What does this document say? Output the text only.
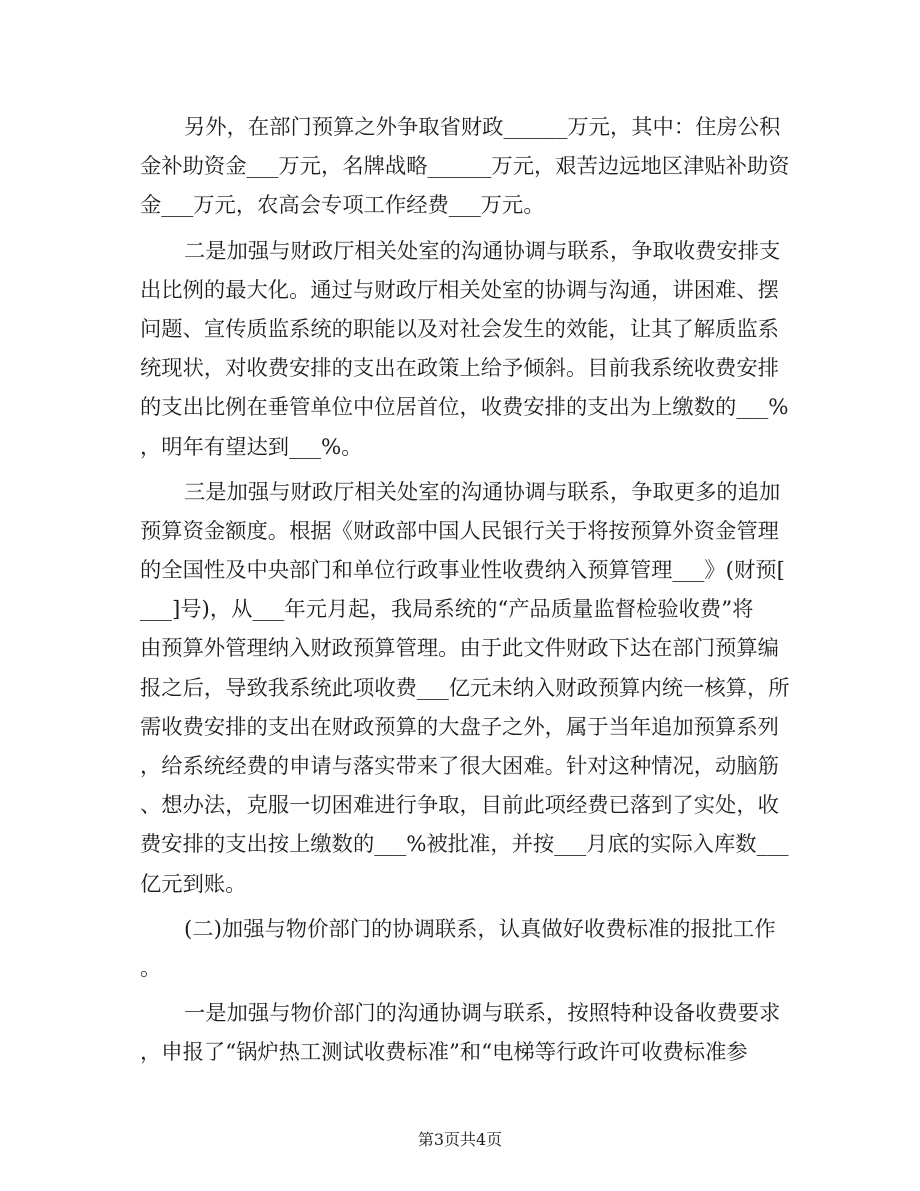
另外，在部门预算之外争取省财政______万元，其中：住房公积
金补助资金___万元，名牌战略______万元，艰苦边远地区津贴补助资
金___万元，农高会专项工作经费___万元。
二是加强与财政厅相关处室的沟通协调与联系，争取收费安排支
出比例的最大化。通过与财政厅相关处室的协调与沟通，讲困难、摆
问题、宣传质监系统的职能以及对社会发生的效能，让其了解质监系
统现状，对收费安排的支出在政策上给予倾斜。目前我系统收费安排
的支出比例在垂管单位中位居首位，收费安排的支出为上缴数的___%
，明年有望达到___%。
三是加强与财政厅相关处室的沟通协调与联系，争取更多的追加
预算资金额度。根据《财政部中国人民银行关于将按预算外资金管理
的全国性及中央部门和单位行政事业性收费纳入预算管理___》(财预[
___]号)，从___年元月起，我局系统的“产品质量监督检验收费”将
由预算外管理纳入财政预算管理。由于此文件财政下达在部门预算编
报之后，导致我系统此项收费___亿元未纳入财政预算内统一核算，所
需收费安排的支出在财政预算的大盘子之外，属于当年追加预算系列
，给系统经费的申请与落实带来了很大困难。针对这种情况，动脑筋
、想办法，克服一切困难进行争取，目前此项经费已落到了实处，收
费安排的支出按上缴数的___%被批准，并按___月底的实际入库数___
亿元到账。
(二)加强与物价部门的协调联系，认真做好收费标准的报批工作
。
一是加强与物价部门的沟通协调与联系，按照特种设备收费要求
，申报了“锅炉热工测试收费标准”和“电梯等行政许可收费标准参
第3页共4页
